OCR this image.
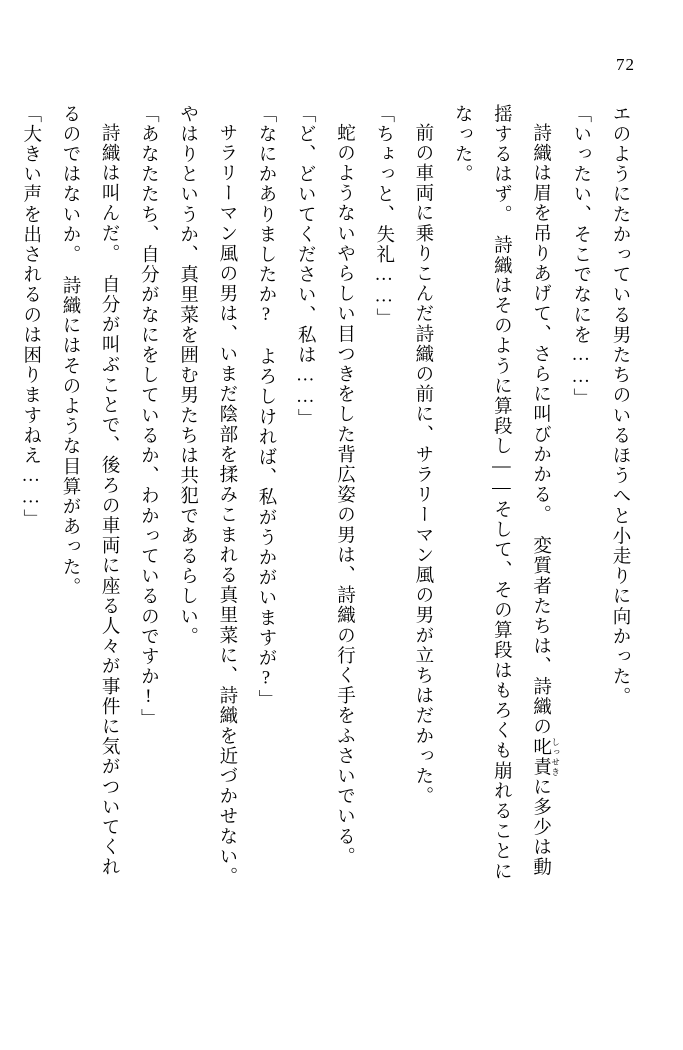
72

エのようにたかっている男たちのいるほうへと小走りに向かった。

「いったい、そこでなにを……」

詩織は眉を吊りあげて、さらに叫びかかる。　変質者たちは、詩織の叱責 しっせきに多少は動

揺するはず。　詩織はそのように算段し――そして、その算段はもろくも崩れることに

なった。

前の車両に乗りこんだ詩織の前に、サラリーマン風の男が立ちはだかった。

「ちょっと、失礼……」

蛇のようないやらしい目つきをした背広姿の男は、詩織の行く手をふさいでいる。

「ど、どいてください、私は……」

「なにかありましたか?　よろしければ、私がうかがいますが?」

サラリーマン風の男は、いまだ陰部を揉みこまれる真里菜に、詩織を近づかせない。

やはりというか、真里菜を囲む男たちは共犯であるらしい。

「あなたたち、自分がなにをしているか、わかっているのですか!」

詩織は叫んだ。　自分が叫ぶことで、後ろの車両に座る人々が事件に気がついてくれ

るのではないか。　詩織にはそのような目算があった。

「大きい声を出されるのは困りますねえ……」
